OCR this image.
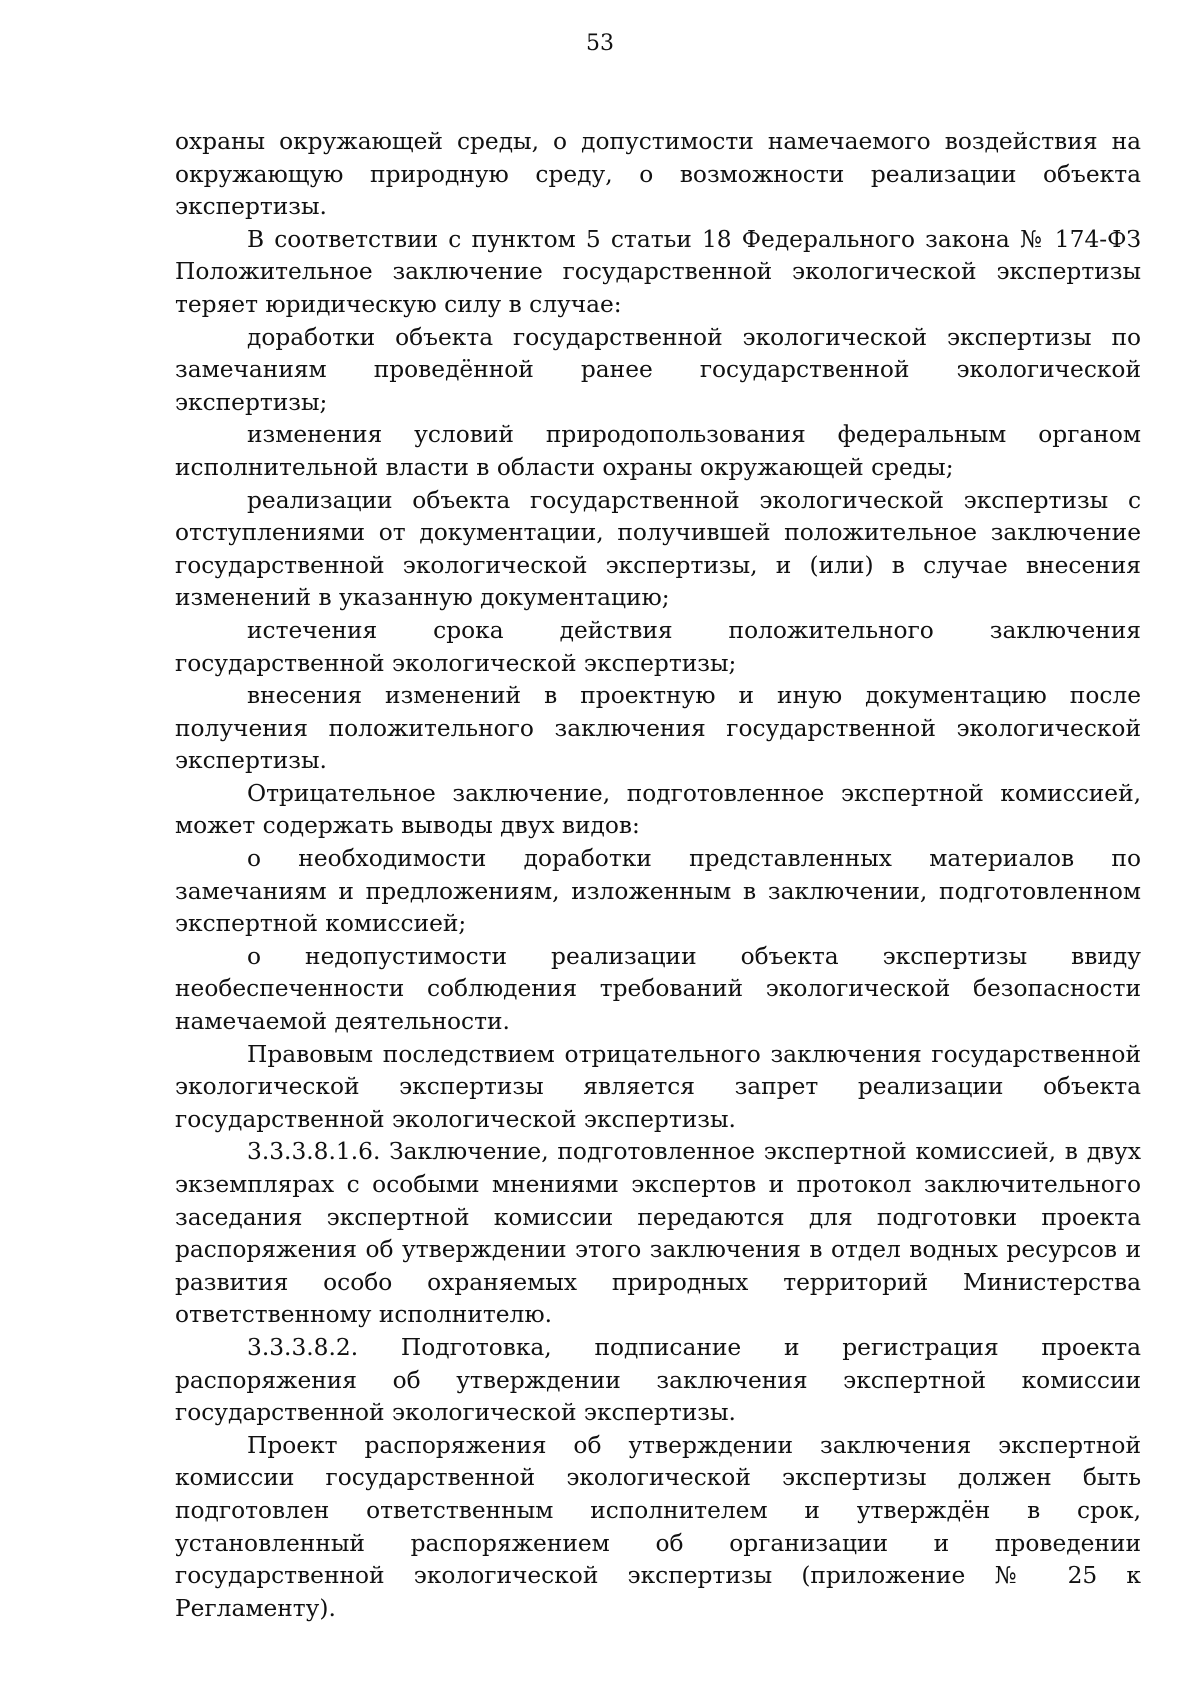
53

охраны окружающей среды, о допустимости намечаемого воздействия на окружающую природную среду, о возможности реализации объекта экспертизы.

В соответствии с пунктом 5 статьи 18 Федерального закона № 174-ФЗ Положительное заключение государственной экологической экспертизы теряет юридическую силу в случае:

доработки объекта государственной экологической экспертизы по замечаниям проведённой ранее государственной экологической экспертизы;

изменения условий природопользования федеральным органом исполнительной власти в области охраны окружающей среды;

реализации объекта государственной экологической экспертизы с отступлениями от документации, получившей положительное заключение государственной экологической экспертизы, и (или) в случае внесения изменений в указанную документацию;

истечения срока действия положительного заключения государственной экологической экспертизы;

внесения изменений в проектную и иную документацию после получения положительного заключения государственной экологической экспертизы.

Отрицательное заключение, подготовленное экспертной комиссией, может содержать выводы двух видов:

о необходимости доработки представленных материалов по замечаниям и предложениям, изложенным в заключении, подготовленном экспертной комиссией;

о недопустимости реализации объекта экспертизы ввиду необеспеченности соблюдения требований экологической безопасности намечаемой деятельности.

Правовым последствием отрицательного заключения государственной экологической экспертизы является запрет реализации объекта государственной экологической экспертизы.

3.3.3.8.1.6. Заключение, подготовленное экспертной комиссией, в двух экземплярах с особыми мнениями экспертов и протокол заключительного заседания экспертной комиссии передаются для подготовки проекта распоряжения об утверждении этого заключения в отдел водных ресурсов и развития особо охраняемых природных территорий Министерства ответственному исполнителю.

3.3.3.8.2. Подготовка, подписание и регистрация проекта распоряжения об утверждении заключения экспертной комиссии государственной экологической экспертизы.

Проект распоряжения об утверждении заключения экспертной комиссии государственной экологической экспертизы должен быть подготовлен ответственным исполнителем и утверждён в срок, установленный распоряжением об организации и проведении государственной экологической экспертизы (приложение № 25 к Регламенту).
